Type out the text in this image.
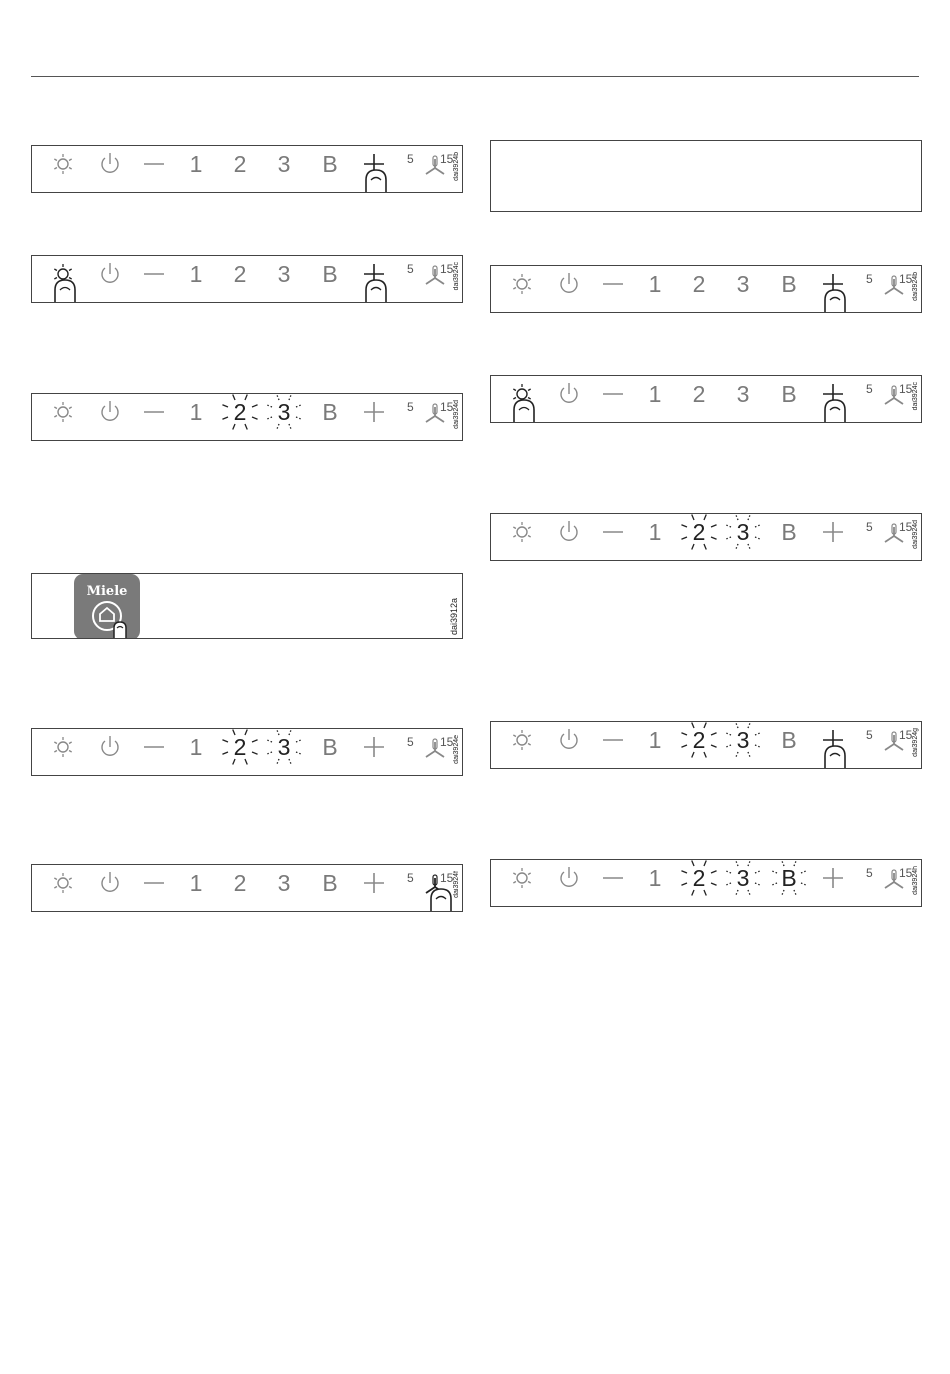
Miele
dai3912a
1	2	3	B	5 15 dai3924b
1	2	3	B	5 15 dai3924c
1	2	3	B	5 15 dai3924d
1	2	3	B	5 15 dai3924e
1	2	3	B	5 15 dai3924f
1	2	3	B	5 15 dai3924b
1	2	3	B	5 15 dai3924c
1	2	3	B	5 15 dai3924d
1	2	3	B	5 15 dai3924g
1	2	3	B	5 15 dai3924h
